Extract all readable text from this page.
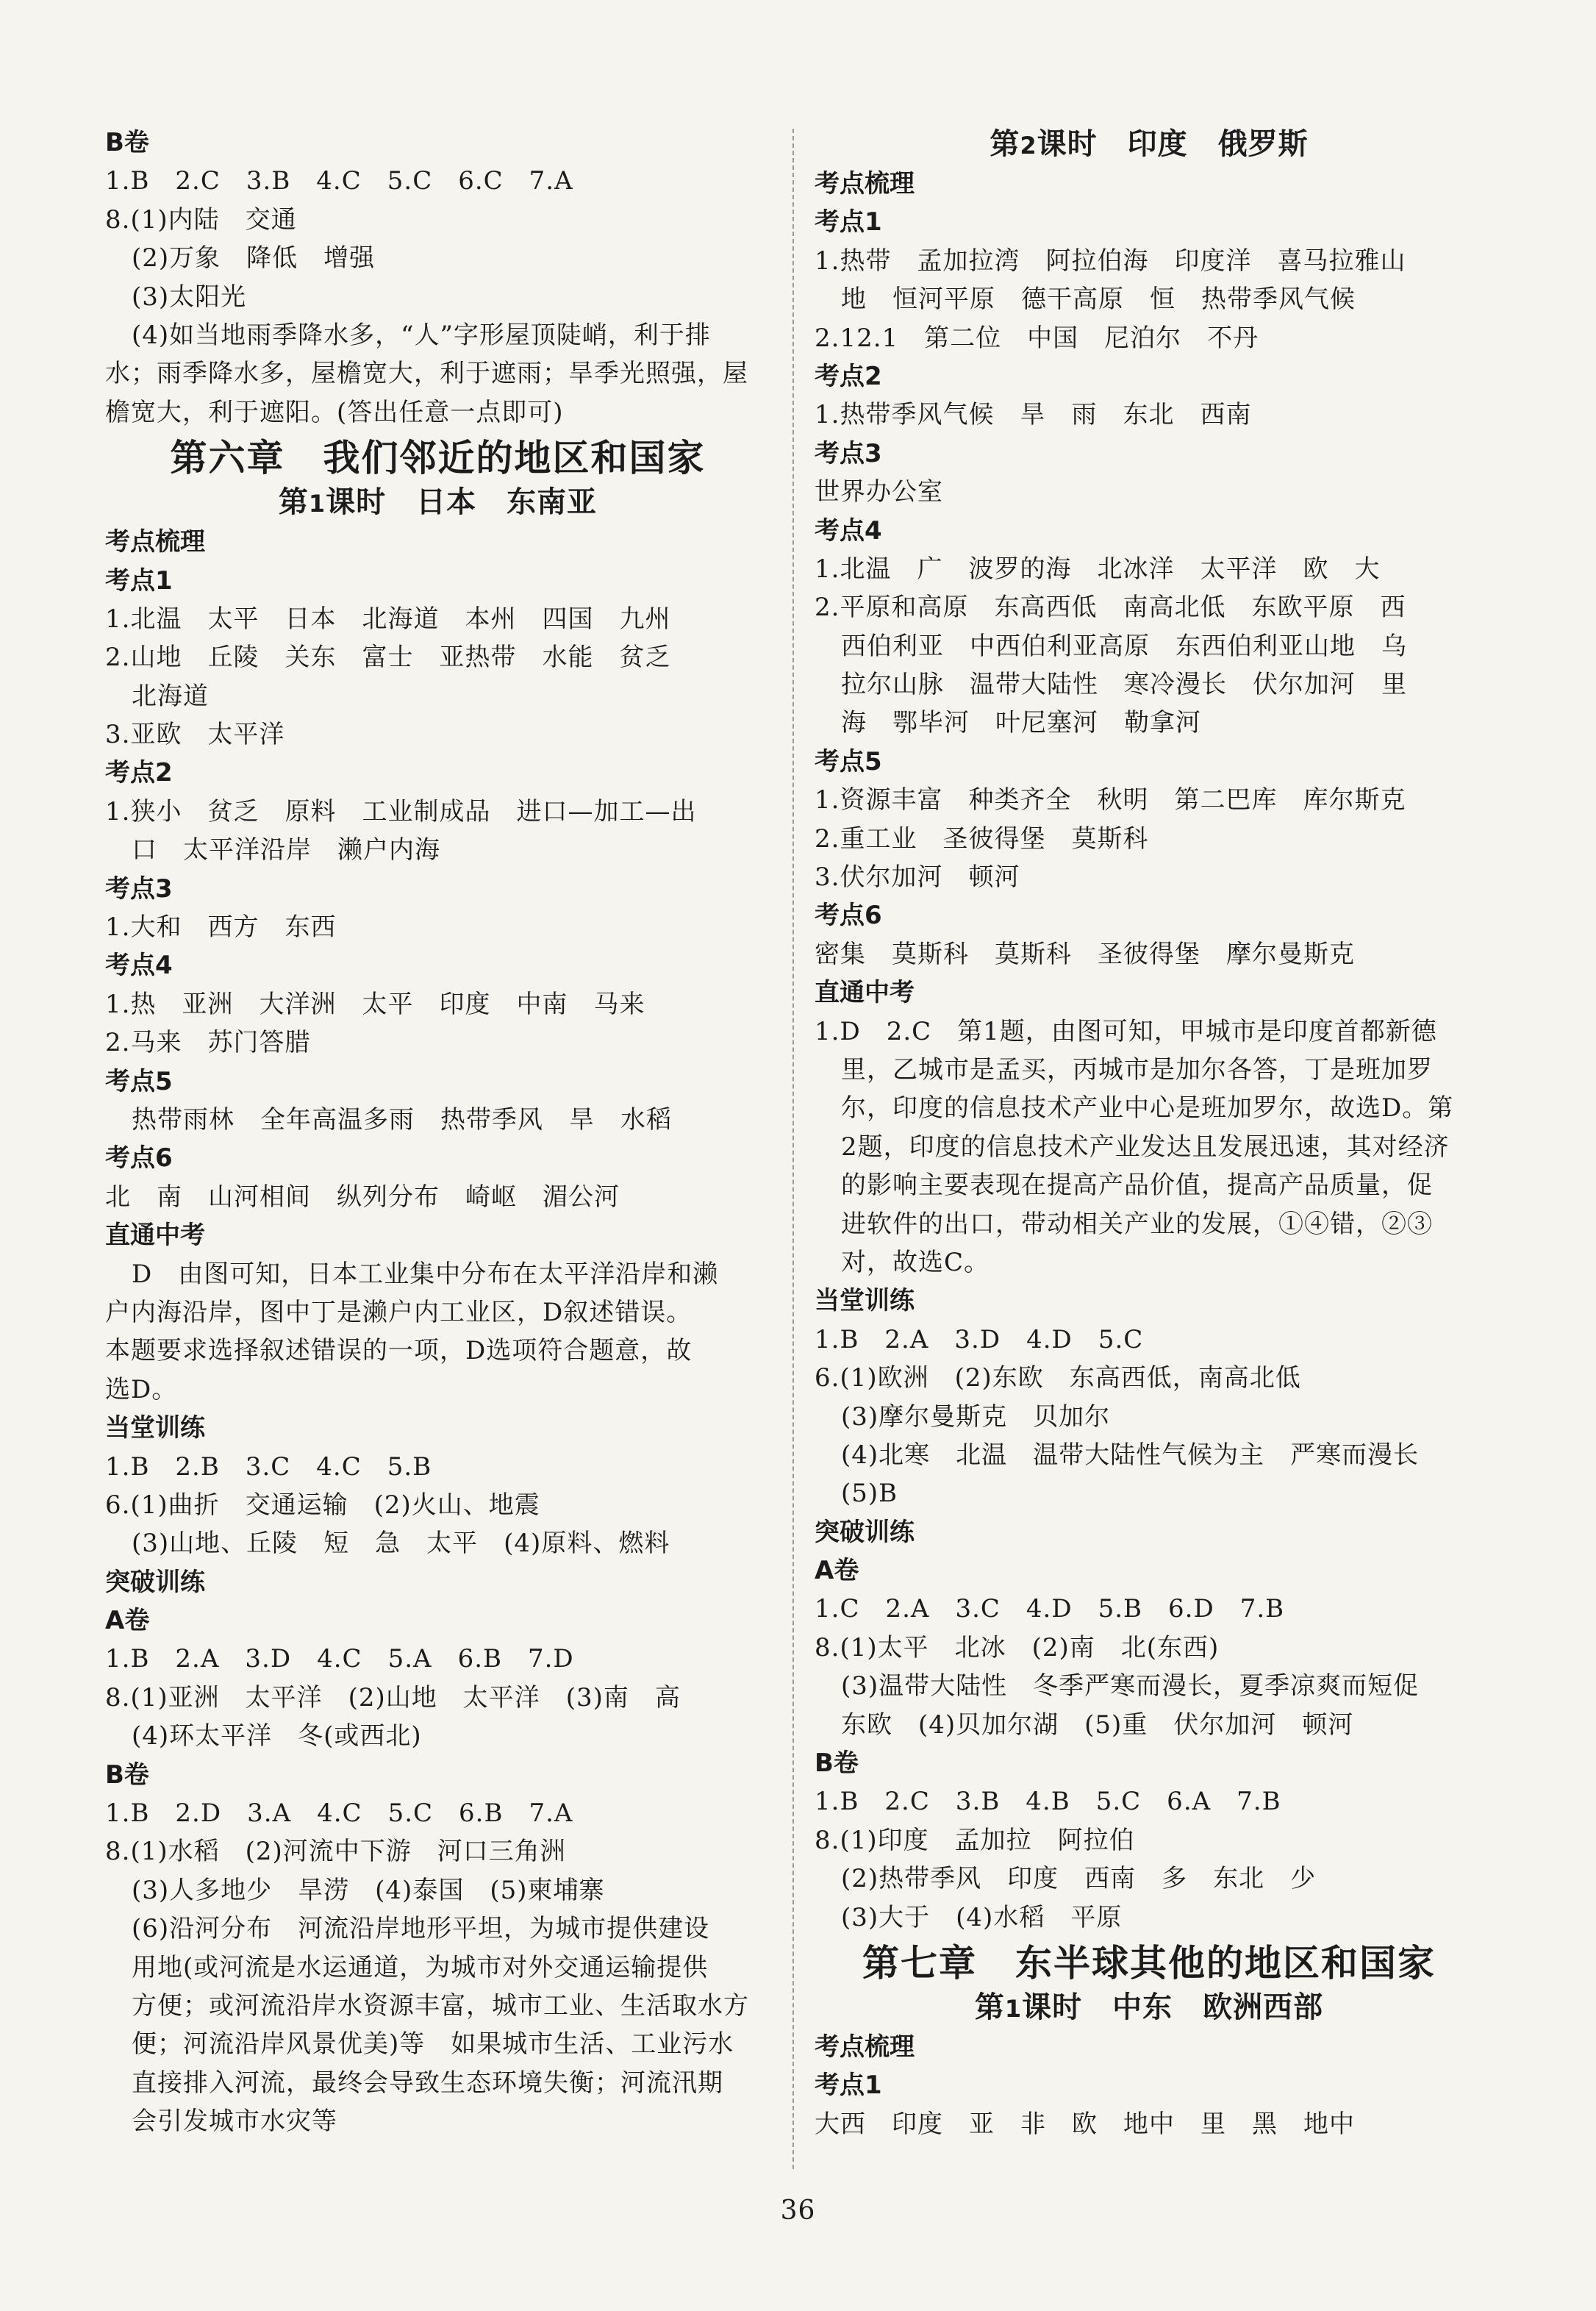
B卷
1.B　2.C　3.B　4.C　5.C　6.C　7.A
8.(1)内陆　交通
(2)万象　降低　增强
(3)太阳光
(4)如当地雨季降水多，“人”字形屋顶陡峭，利于排
水；雨季降水多，屋檐宽大，利于遮雨；旱季光照强，屋
檐宽大，利于遮阳。(答出任意一点即可)
第六章　我们邻近的地区和国家
第1课时　日本　东南亚
考点梳理
考点1
1.北温　太平　日本　北海道　本州　四国　九州
2.山地　丘陵　关东　富士　亚热带　水能　贫乏
北海道
3.亚欧　太平洋
考点2
1.狭小　贫乏　原料　工业制成品　进口—加工—出
口　太平洋沿岸　濑户内海
考点3
1.大和　西方　东西
考点4
1.热　亚洲　大洋洲　太平　印度　中南　马来
2.马来　苏门答腊
考点5
热带雨林　全年高温多雨　热带季风　旱　水稻
考点6
北　南　山河相间　纵列分布　崎岖　湄公河
直通中考
D　由图可知，日本工业集中分布在太平洋沿岸和濑
户内海沿岸，图中丁是濑户内工业区，D叙述错误。
本题要求选择叙述错误的一项，D选项符合题意，故
选D。
当堂训练
1.B　2.B　3.C　4.C　5.B
6.(1)曲折　交通运输　(2)火山、地震
(3)山地、丘陵　短　急　太平　(4)原料、燃料
突破训练
A卷
1.B　2.A　3.D　4.C　5.A　6.B　7.D
8.(1)亚洲　太平洋　(2)山地　太平洋　(3)南　高
(4)环太平洋　冬(或西北)
B卷
1.B　2.D　3.A　4.C　5.C　6.B　7.A
8.(1)水稻　(2)河流中下游　河口三角洲
(3)人多地少　旱涝　(4)泰国　(5)柬埔寨
(6)沿河分布　河流沿岸地形平坦，为城市提供建设
用地(或河流是水运通道，为城市对外交通运输提供
方便；或河流沿岸水资源丰富，城市工业、生活取水方
便；河流沿岸风景优美)等　如果城市生活、工业污水
直接排入河流，最终会导致生态环境失衡；河流汛期
会引发城市水灾等
第2课时　印度　俄罗斯
考点梳理
考点1
1.热带　孟加拉湾　阿拉伯海　印度洋　喜马拉雅山
地　恒河平原　德干高原　恒　热带季风气候
2.12.1　第二位　中国　尼泊尔　不丹
考点2
1.热带季风气候　旱　雨　东北　西南
考点3
世界办公室
考点4
1.北温　广　波罗的海　北冰洋　太平洋　欧　大
2.平原和高原　东高西低　南高北低　东欧平原　西
西伯利亚　中西伯利亚高原　东西伯利亚山地　乌
拉尔山脉　温带大陆性　寒冷漫长　伏尔加河　里
海　鄂毕河　叶尼塞河　勒拿河
考点5
1.资源丰富　种类齐全　秋明　第二巴库　库尔斯克
2.重工业　圣彼得堡　莫斯科
3.伏尔加河　顿河
考点6
密集　莫斯科　莫斯科　圣彼得堡　摩尔曼斯克
直通中考
1.D　2.C　第1题，由图可知，甲城市是印度首都新德
里，乙城市是孟买，丙城市是加尔各答，丁是班加罗
尔，印度的信息技术产业中心是班加罗尔，故选D。第
2题，印度的信息技术产业发达且发展迅速，其对经济
的影响主要表现在提高产品价值，提高产品质量，促
进软件的出口，带动相关产业的发展，①④错，②③
对，故选C。
当堂训练
1.B　2.A　3.D　4.D　5.C
6.(1)欧洲　(2)东欧　东高西低，南高北低
(3)摩尔曼斯克　贝加尔
(4)北寒　北温　温带大陆性气候为主　严寒而漫长
(5)B
突破训练
A卷
1.C　2.A　3.C　4.D　5.B　6.D　7.B
8.(1)太平　北冰　(2)南　北(东西)
(3)温带大陆性　冬季严寒而漫长，夏季凉爽而短促
东欧　(4)贝加尔湖　(5)重　伏尔加河　顿河
B卷
1.B　2.C　3.B　4.B　5.C　6.A　7.B
8.(1)印度　孟加拉　阿拉伯
(2)热带季风　印度　西南　多　东北　少
(3)大于　(4)水稻　平原
第七章　东半球其他的地区和国家
第1课时　中东　欧洲西部
考点梳理
考点1
大西　印度　亚　非　欧　地中　里　黑　地中
36
